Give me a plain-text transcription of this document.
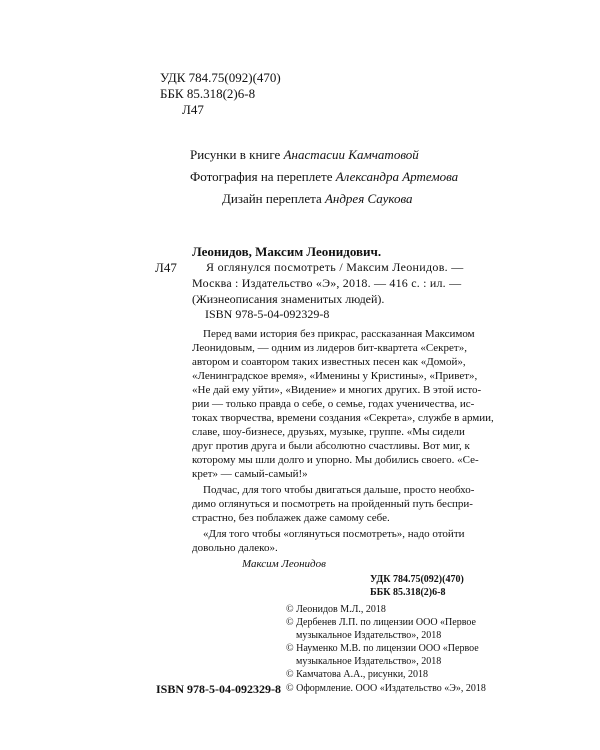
УДК 784.75(092)(470)
ББК 85.318(2)6-8
Л47
Рисунки в книге Анастасии Камчатовой
Фотография на переплете Александра Артемова
Дизайн переплета Андрея Саукова
Леонидов, Максим Леонидович.
Л47 Я оглянулся посмотреть / Максим Леонидов. —
Москва : Издательство «Э», 2018. — 416 с. : ил. —
(Жизнеописания знаменитых людей).
ISBN 978-5-04-092329-8
Перед вами история без прикрас, рассказанная Максимом
Леонидовым, — одним из лидеров бит-квартета «Секрет»,
автором и соавтором таких известных песен как «Домой»,
«Ленинградское время», «Именины у Кристины», «Привет»,
«Не дай ему уйти», «Видение» и многих других. В этой исто-
рии — только правда о себе, о семье, годах ученичества, ис-
токах творчества, времени создания «Секрета», службе в армии,
славе, шоу-бизнесе, друзьях, музыке, группе. «Мы сидели
друг против друга и были абсолютно счастливы. Вот миг, к
которому мы шли долго и упорно. Мы добились своего. «Се-
крет» — самый-самый!»
Подчас, для того чтобы двигаться дальше, просто необхо-
димо оглянуться и посмотреть на пройденный путь беспри-
страстно, без поблажек даже самому себе.
«Для того чтобы «оглянуться посмотреть», надо отойти
довольно далеко».
Максим Леонидов
УДК 784.75(092)(470)
ББК 85.318(2)6-8
© Леонидов М.Л., 2018
© Дербенев Л.П. по лицензии ООО «Первое
музыкальное Издательство», 2018
© Науменко М.В. по лицензии ООО «Первое
музыкальное Издательство», 2018
© Камчатова А.А., рисунки, 2018
© Оформление. ООО «Издательство «Э», 2018
ISBN 978-5-04-092329-8
